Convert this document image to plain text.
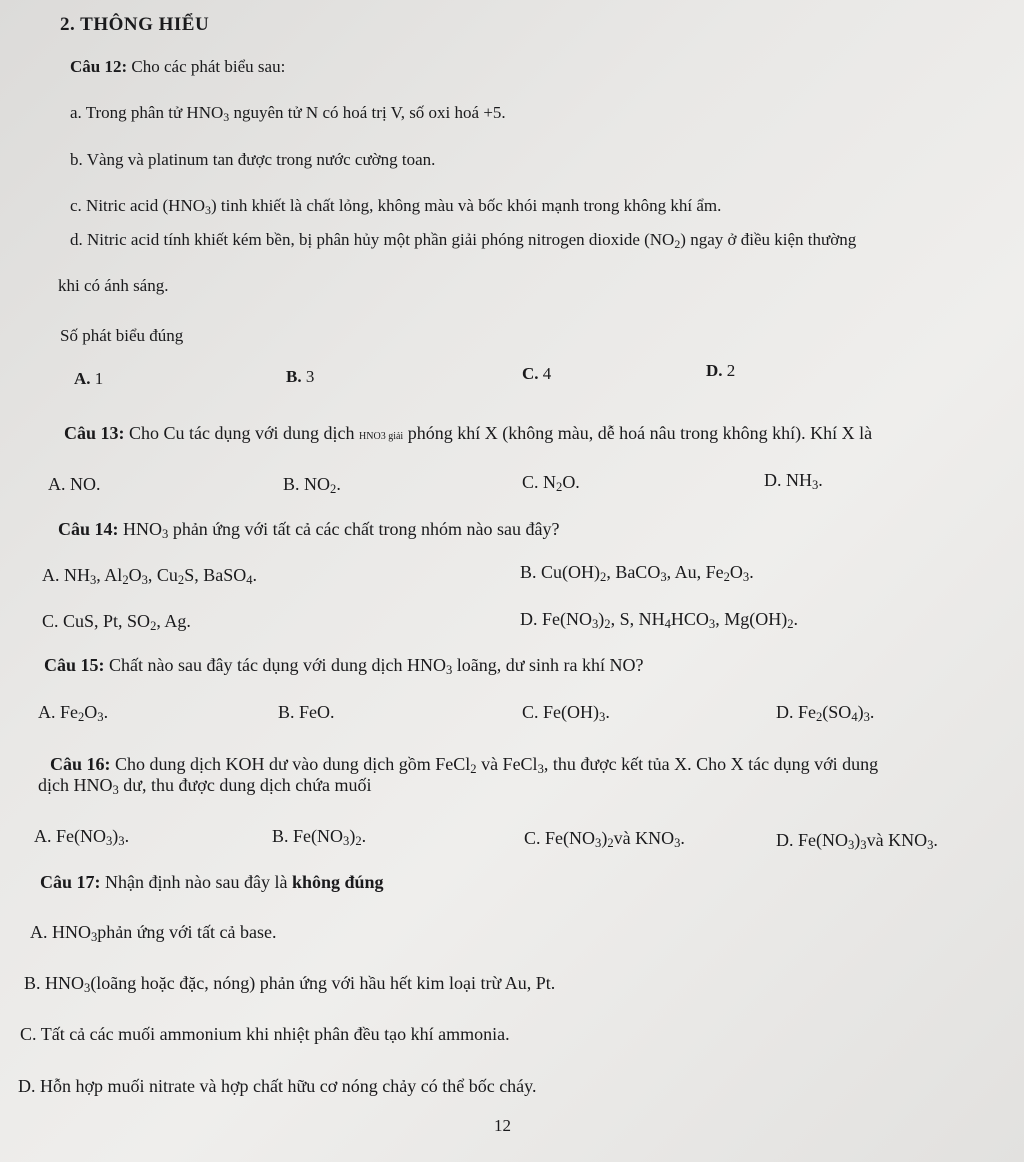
2. THÔNG HIỂU
Câu 12: Cho các phát biểu sau:
a. Trong phân tử $HNO_3$ nguyên tử N có hoá trị V, số oxi hoá +5.
b. Vàng và platinum tan được trong nước cường toan.
c. Nitric acid $(HNO_3)$ tinh khiết là chất lỏng, không màu và bốc khói mạnh trong không khí ẩm.
d. Nitric acid tính khiết kém bền, bị phân hủy một phần giải phóng nitrogen dioxide $(NO_2)$ ngay ở điều kiện thường
khi có ánh sáng.
Số phát biểu đúng
A. 1	B. 3	C. 4	D. 2
Câu 13: Cho Cu tác dụng với dung dịch HNO3 giải phóng khí X (không màu, dễ hoá nâu trong không khí). Khí X là
A. NO.	B. $NO_2$.	C. $N_2O$.	D. $NH_3$.
Câu 14: $HNO_3$ phản ứng với tất cả các chất trong nhóm nào sau đây?
A. $NH_3$, $Al_2O_3$, $Cu_2S$, BaSO$_4$.	B. $Cu(OH)_2$, BaCO$_3$, Au, $Fe_2O_3$.
C. CuS, Pt, $SO_2$, Ag.	D. $Fe(NO_3)_2$, S, $NH_4HCO_3$, $Mg(OH)_2$.
Câu 15: Chất nào sau đây tác dụng với dung dịch $HNO_3$ loãng, dư sinh ra khí NO?
A. $Fe_2O_3$.	B. FeO.	C. $Fe(OH)_3$.	D. $Fe_2(SO_4)_3$.
Câu 16: Cho dung dịch KOH dư vào dung dịch gồm FeCl$_2$ và FeCl$_3$, thu được kết tủa X. Cho X tác dụng với dung
dịch $HNO_3$ dư, thu được dung dịch chứa muối
A. $Fe(NO_3)_3$.	B. $Fe(NO_3)_2$.	C. $Fe(NO_3)_2và$ $KNO_3$.	D. $Fe(NO_3)_3và$ $KNO_3$.
Câu 17: Nhận định nào sau đây là không đúng
A. $HNO_3phản$ ứng với tất cả base.
B. $HNO_3(loãng$ hoặc đặc, nóng) phản ứng với hầu hết kim loại trừ Au, Pt.
C. Tất cả các muối ammonium khi nhiệt phân đều tạo khí ammonia.
D. Hỗn hợp muối nitrate và hợp chất hữu cơ nóng chảy có thể bốc cháy.
12
